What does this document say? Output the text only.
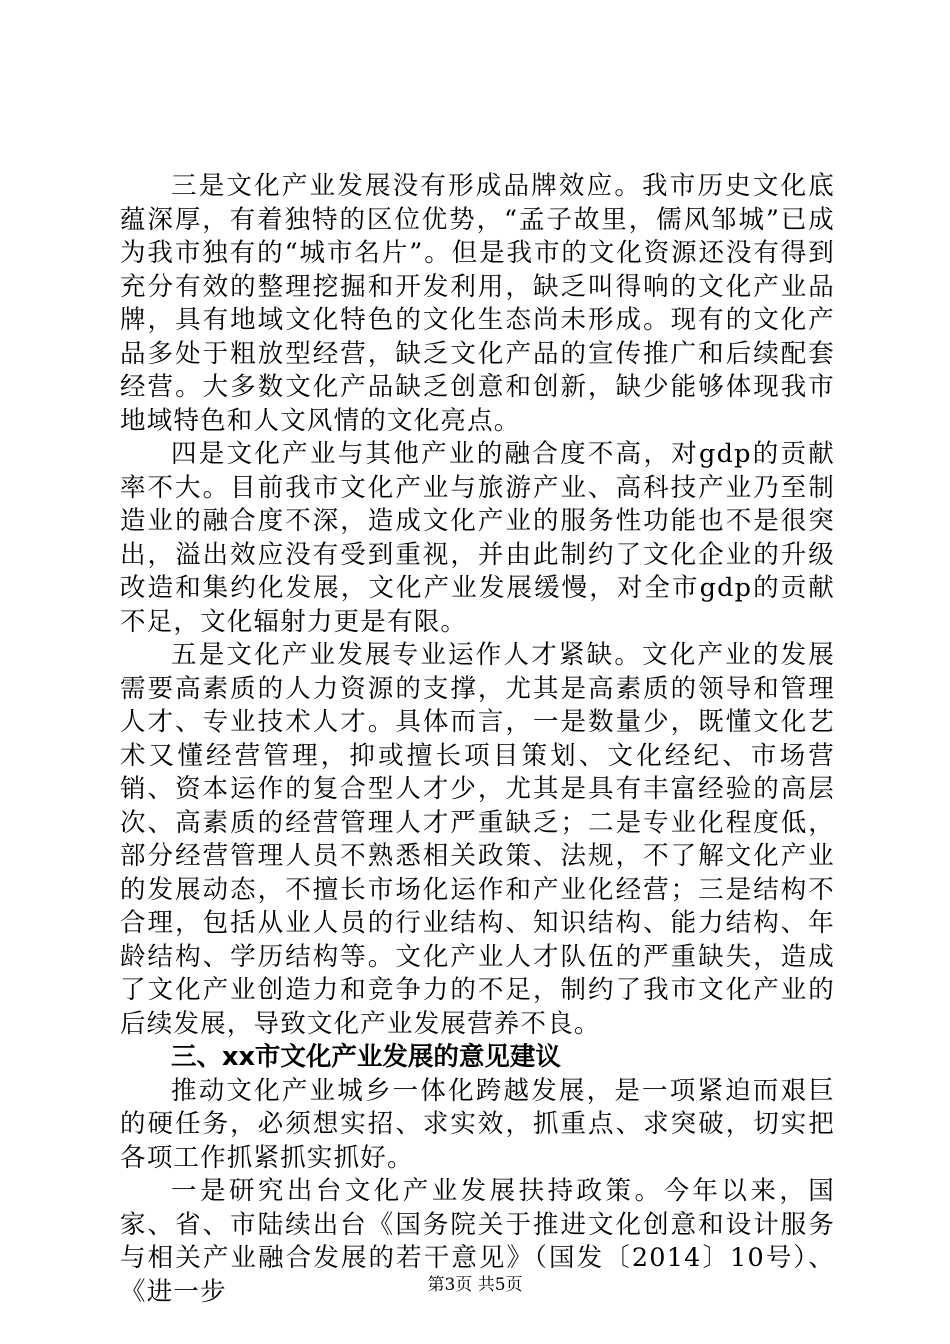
三是文化产业发展没有形成品牌效应。我市历史文化底蕴深厚，有着独特的区位优势，“孟子故里，儒风邹城”已成为我市独有的“城市名片”。但是我市的文化资源还没有得到充分有效的整理挖掘和开发利用，缺乏叫得响的文化产业品牌，具有地域文化特色的文化生态尚未形成。现有的文化产品多处于粗放型经营，缺乏文化产品的宣传推广和后续配套经营。大多数文化产品缺乏创意和创新，缺少能够体现我市地域特色和人文风情的文化亮点。

四是文化产业与其他产业的融合度不高，对gdp的贡献率不大。目前我市文化产业与旅游产业、高科技产业乃至制造业的融合度不深，造成文化产业的服务性功能也不是很突出，溢出效应没有受到重视，并由此制约了文化企业的升级改造和集约化发展，文化产业发展缓慢，对全市gdp的贡献不足，文化辐射力更是有限。

五是文化产业发展专业运作人才紧缺。文化产业的发展需要高素质的人力资源的支撑，尤其是高素质的领导和管理人才、专业技术人才。具体而言，一是数量少，既懂文化艺术又懂经营管理，抑或擅长项目策划、文化经纪、市场营销、资本运作的复合型人才少，尤其是具有丰富经验的高层次、高素质的经营管理人才严重缺乏；二是专业化程度低，部分经营管理人员不熟悉相关政策、法规，不了解文化产业的发展动态，不擅长市场化运作和产业化经营；三是结构不合理，包括从业人员的行业结构、知识结构、能力结构、年龄结构、学历结构等。文化产业人才队伍的严重缺失，造成了文化产业创造力和竞争力的不足，制约了我市文化产业的后续发展，导致文化产业发展营养不良。

三、xx市文化产业发展的意见建议

推动文化产业城乡一体化跨越发展，是一项紧迫而艰巨的硬任务，必须想实招、求实效，抓重点、求突破，切实把各项工作抓紧抓实抓好。

一是研究出台文化产业发展扶持政策。今年以来，国家、省、市陆续出台《国务院关于推进文化创意和设计服务与相关产业融合发展的若干意见》（国发〔2014〕10号）、《进一步	第3页 共5页
